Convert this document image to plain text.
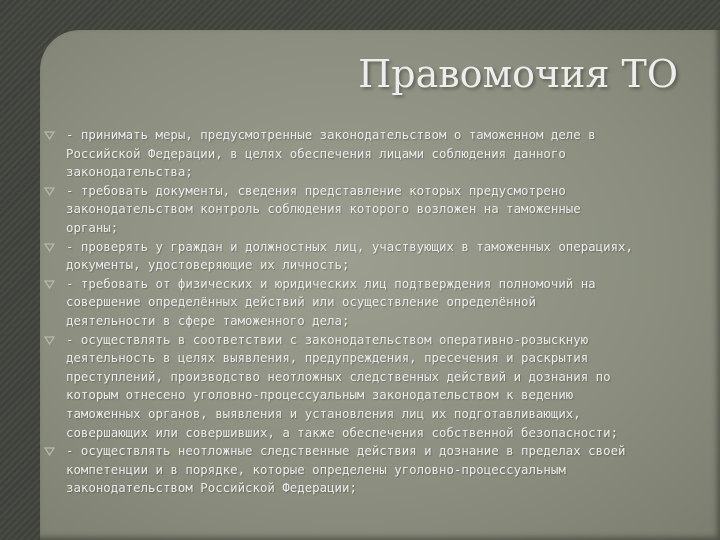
Правомочия ТО
- принимать меры, предусмотренные законодательством о таможенном деле в
Российской Федерации, в целях обеспечения лицами соблюдения данного
законодательства;
- требовать документы, сведения представление которых предусмотрено
законодательством контроль соблюдения которого возложен на таможенные
органы;
- проверять у граждан и должностных лиц, участвующих в таможенных операциях,
документы, удостоверяющие их личность;
- требовать от физических и юридических лиц подтверждения полномочий на
совершение определённых действий или осуществление определённой
деятельности в сфере таможенного дела;
- осуществлять в соответствии с законодательством оперативно-розыскную
деятельность в целях выявления, предупреждения, пресечения и раскрытия
преступлений, производство неотложных следственных действий и дознания по
которым отнесено уголовно-процессуальным законодательством к ведению
таможенных органов, выявления и установления лиц их подготавливающих,
совершающих или совершивших, а также обеспечения собственной безопасности;
- осуществлять неотложные следственные действия и дознание в пределах своей
компетенции и в порядке, которые определены уголовно-процессуальным
законодательством Российской Федерации;
